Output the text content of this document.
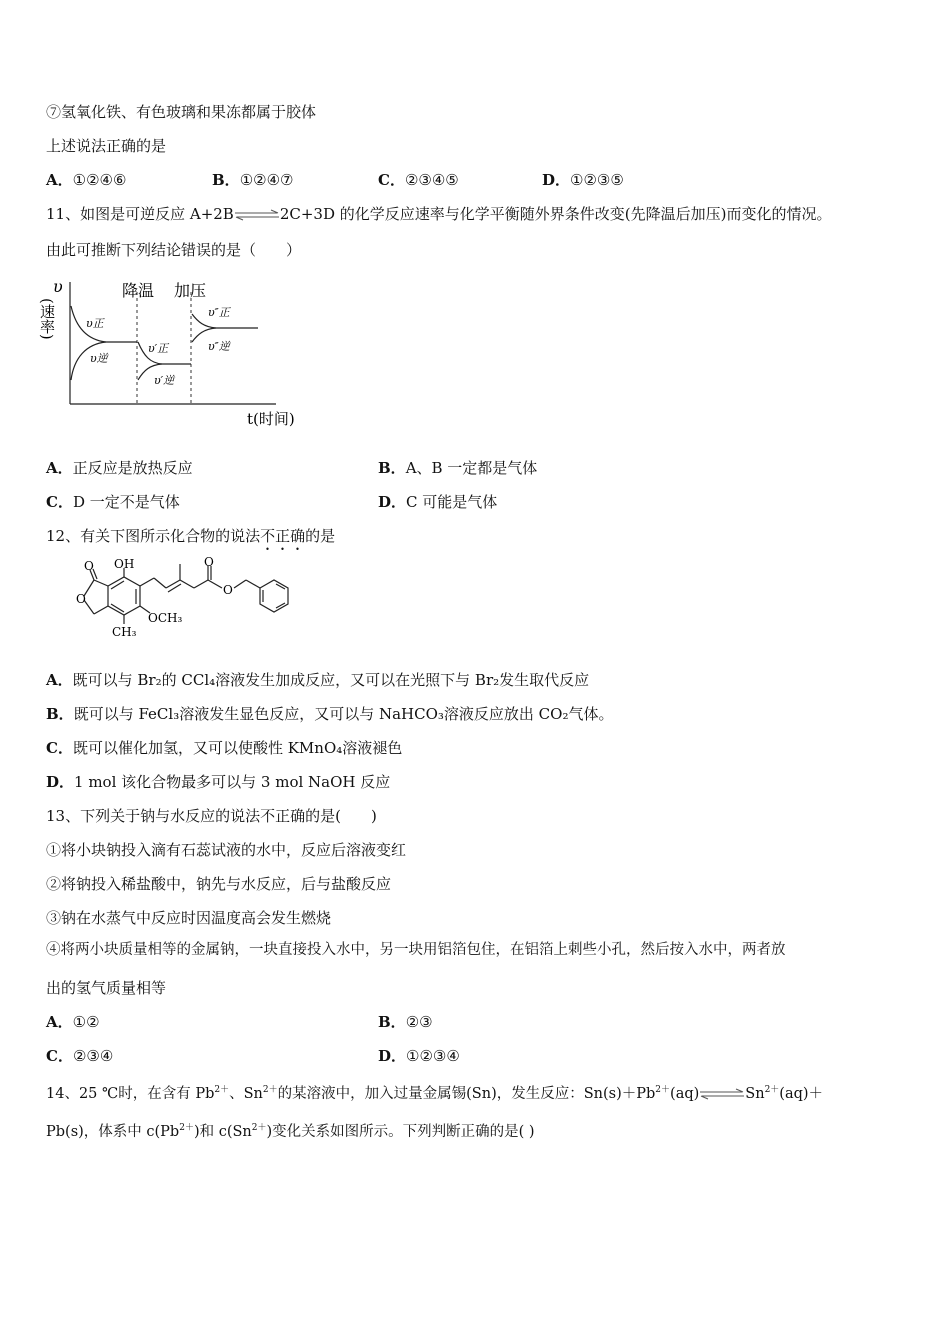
⑦氢氧化铁、有色玻璃和果冻都属于胶体
上述说法正确的是
A．①②④⑥	B．①②④⑦	C．②③④⑤	D．①②③⑤
11、如图是可逆反应 A+2B⇌2C+3D 的化学反应速率与化学平衡随外界条件改变(先降温后加压)而变化的情况。
由此可推断下列结论错误的是（　　）
υ
(速率)
降温 加压
υ正
υ逆
υ′正
υ′逆
υ″正
υ″逆
t(时间)
A．正反应是放热反应	B．A、B 一定都是气体
C．D 一定不是气体	D．C 可能是气体
12、有关下图所示化合物的说法不正确的是
OH
O
O
O
O
OCH₃
CH₃
A．既可以与 Br₂的 CCl₄溶液发生加成反应，又可以在光照下与 Br₂发生取代反应
B．既可以与 FeCl₃溶液发生显色反应，又可以与 NaHCO₃溶液反应放出 CO₂气体。
C．既可以催化加氢，又可以使酸性 KMnO₄溶液褪色
D．1 mol 该化合物最多可以与 3 mol NaOH 反应
13、下列关于钠与水反应的说法不正确的是(　　)
①将小块钠投入滴有石蕊试液的水中，反应后溶液变红
②将钠投入稀盐酸中，钠先与水反应，后与盐酸反应
③钠在水蒸气中反应时因温度高会发生燃烧
④将两小块质量相等的金属钠，一块直接投入水中，另一块用铝箔包住，在铝箔上刺些小孔，然后按入水中，两者放
出的氢气质量相等
A．①②	B．②③
C．②③④	D．①②③④
14、25 ℃时，在含有 $Pb^{2+}$、$Sn^{2+}$的某溶液中，加入过量金属锡(Sn)，发生反应：$Sn(s)+Pb^{2+}(aq)\rightleftharpoons Sn^{2+}(aq)+$
Pb(s)，体系中 $c(Pb^{2+})$和 $c(Sn^{2+})$变化关系如图所示。下列判断正确的是( )
